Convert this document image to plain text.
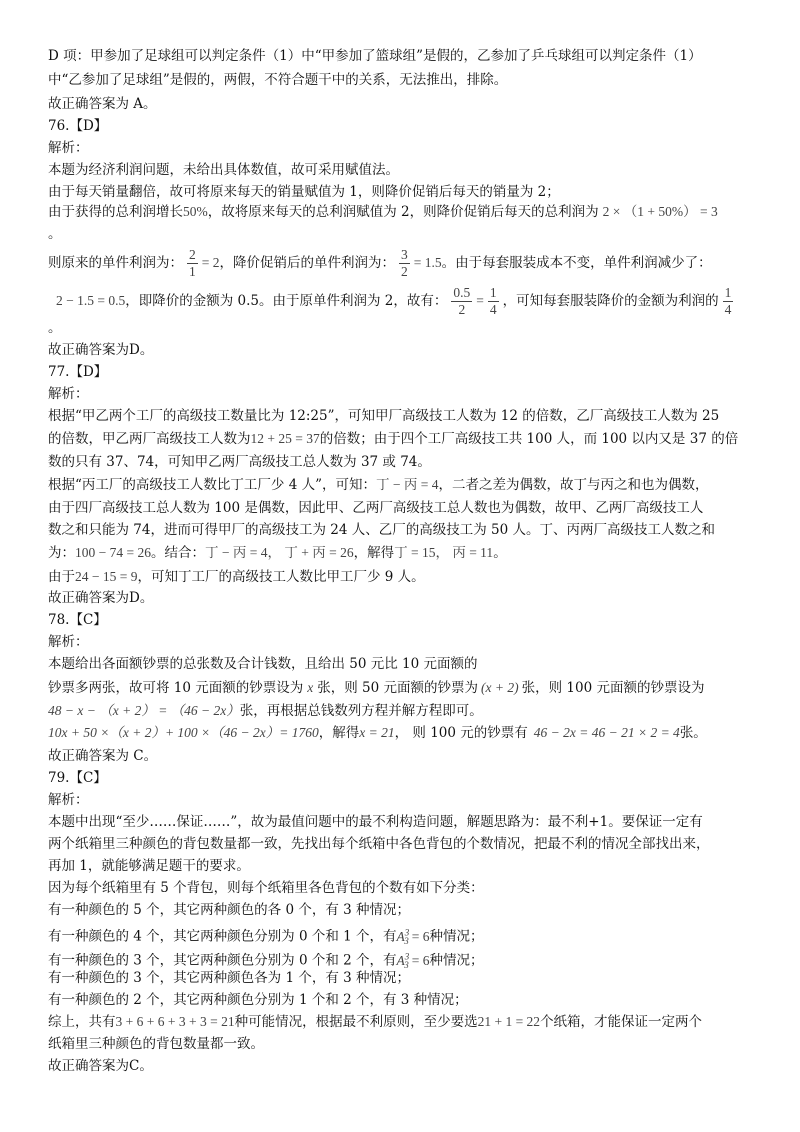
D 项：甲参加了足球组可以判定条件（1）中“甲参加了篮球组”是假的，乙参加了乒乓球组可以判定条件（1）
中“乙参加了足球组”是假的，两假，不符合题干中的关系，无法推出，排除。
故正确答案为 A。
76.【D】
解析：
本题为经济利润问题，未给出具体数值，故可采用赋值法。
由于每天销量翻倍，故可将原来每天的销量赋值为 1，则降价促销后每天的销量为 2；
由于获得的总利润增长50%，故将原来每天的总利润赋值为 2，则降价促销后每天的总利润为 2 × （1 + 50%） = 3
。
则原来的单件利润为： $\frac{2}{1} = 2$，降价促销后的单件利润为： $\frac{3}{2} = 1.5$。由于每套服装成本不变，单件利润减少了：
2 − 1.5 = 0.5，即降价的金额为 0.5。由于原单件利润为 2，故有： $\frac{0.5}{2} = \frac{1}{4}$ ，可知每套服装降价的金额为利润的 $\frac{1}{4}$
。
故正确答案为D。
77.【D】
解析：
根据“甲乙两个工厂的高级技工数量比为 12:25”，可知甲厂高级技工人数为 12 的倍数，乙厂高级技工人数为 25
的倍数，甲乙两厂高级技工人数为12 + 25 = 37的倍数；由于四个工厂高级技工共 100 人，而 100 以内又是 37 的倍
数的只有 37、74，可知甲乙两厂高级技工总人数为 37 或 74。
根据“丙工厂的高级技工人数比丁工厂少 4 人”，可知：丁 − 丙 = 4，二者之差为偶数，故丁与丙之和也为偶数，
由于四厂高级技工总人数为 100 是偶数，因此甲、乙两厂高级技工总人数也为偶数，故甲、乙两厂高级技工人
数之和只能为 74，进而可得甲厂的高级技工为 24 人、乙厂的高级技工为 50 人。丁、丙两厂高级技工人数之和
为：100 − 74 = 26。结合：丁 − 丙 = 4， 丁 + 丙 = 26，解得丁 = 15， 丙 = 11。
由于24 − 15 = 9，可知丁工厂的高级技工人数比甲工厂少 9 人。
故正确答案为D。
78.【C】
解析：
本题给出各面额钞票的总张数及合计钱数，且给出 50 元比 10 元面额的
钞票多两张，故可将 10 元面额的钞票设为 x 张，则 50 元面额的钞票为 (x + 2) 张，则 100 元面额的钞票设为
48 − x − （x + 2） = （46 − 2x）张，再根据总钱数列方程并解方程即可。
10x + 50 ×（x + 2）+ 100 ×（46 − 2x）= 1760，解得x = 21， 则 100 元的钞票有 46 − 2x = 46 − 21 × 2 = 4张。
故正确答案为 C。
79.【C】
解析：
本题中出现“至少……保证……”，故为最值问题中的最不利构造问题，解题思路为：最不利+1。要保证一定有
两个纸箱里三种颜色的背包数量都一致，先找出每个纸箱中各色背包的个数情况，把最不利的情况全部找出来，
再加 1，就能够满足题干的要求。
因为每个纸箱里有 5 个背包，则每个纸箱里各色背包的个数有如下分类：
有一种颜色的 5 个，其它两种颜色的各 0 个，有 3 种情况；
有一种颜色的 4 个，其它两种颜色分别为 0 个和 1 个，有$A^3_3 = 6$种情况；
有一种颜色的 3 个，其它两种颜色分别为 0 个和 2 个，有$A^3_3 = 6$种情况；
有一种颜色的 3 个，其它两种颜色各为 1 个，有 3 种情况；
有一种颜色的 2 个，其它两种颜色分别为 1 个和 2 个，有 3 种情况；
综上，共有3 + 6 + 6 + 3 + 3 = 21种可能情况，根据最不利原则，至少要选21 + 1 = 22个纸箱，才能保证一定两个
纸箱里三种颜色的背包数量都一致。
故正确答案为C。
